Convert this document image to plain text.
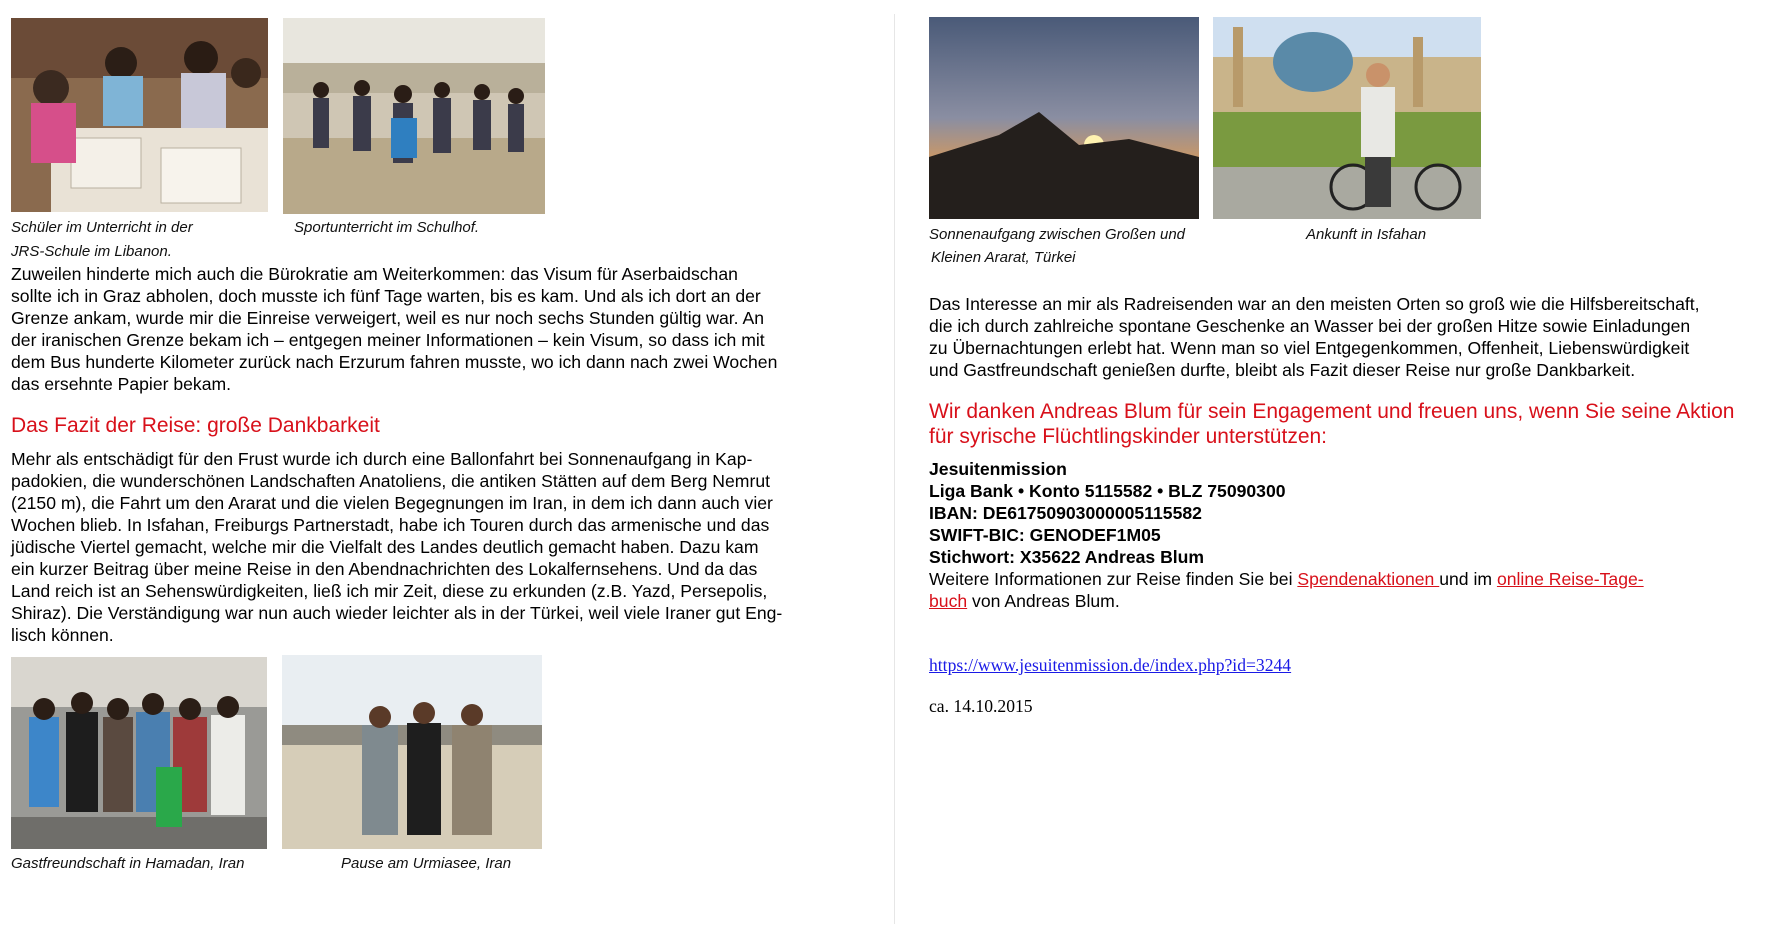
Schüler im Unterricht in der
JRS-Schule im Libanon.
Sportunterricht im Schulhof.

Zuweilen hinderte mich auch die Bürokratie am Weiterkommen: das Visum für Aserbaidschan

sollte ich in Graz abholen, doch musste ich fünf Tage warten, bis es kam. Und als ich dort an der

Grenze ankam, wurde mir die Einreise verweigert, weil es nur noch sechs Stunden gültig war. An

der iranischen Grenze bekam ich – entgegen meiner Informationen – kein Visum, so dass ich mit

dem Bus hunderte Kilometer zurück nach Erzurum fahren musste, wo ich dann nach zwei Wochen

das ersehnte Papier bekam.

Das Fazit der Reise: große Dankbarkeit

Mehr als entschädigt für den Frust wurde ich durch eine Ballonfahrt bei Sonnenaufgang in Kap-

padokien, die wunderschönen Landschaften Anatoliens, die antiken Stätten auf dem Berg Nemrut

(2150 m), die Fahrt um den Ararat und die vielen Begegnungen im Iran, in dem ich dann auch vier

Wochen blieb. In Isfahan, Freiburgs Partnerstadt, habe ich Touren durch das armenische und das

jüdische Viertel gemacht, welche mir die Vielfalt des Landes deutlich gemacht haben. Dazu kam

ein kurzer Beitrag über meine Reise in den Abendnachrichten des Lokalfernsehens. Und da das

Land reich ist an Sehenswürdigkeiten, ließ ich mir Zeit, diese zu erkunden (z.B. Yazd, Persepolis,

Shiraz). Die Verständigung war nun auch wieder leichter als in der Türkei, weil viele Iraner gut Eng-

lisch können.

Gastfreundschaft in Hamadan, Iran	Pause am Urmiasee, Iran
Sonnenaufgang zwischen Großen und
Kleinen Ararat, Türkei
Ankunft in Isfahan

Das Interesse an mir als Radreisenden war an den meisten Orten so groß wie die Hilfsbereitschaft,

die ich durch zahlreiche spontane Geschenke an Wasser bei der großen Hitze sowie Einladungen

zu Übernachtungen erlebt hat. Wenn man so viel Entgegenkommen, Offenheit, Liebenswürdigkeit

und Gastfreundschaft genießen durfte, bleibt als Fazit dieser Reise nur große Dankbarkeit.

Wir danken Andreas Blum für sein Engagement und freuen uns, wenn Sie seine Aktion
für syrische Flüchtlingskinder unterstützen:
Jesuitenmission
Liga Bank • Konto 5115582 • BLZ 75090300
IBAN: DE61750903000005115582
SWIFT-BIC: GENODEF1M05
Stichwort: X35622 Andreas Blum

Weitere Informationen zur Reise finden Sie bei Spendenaktionen und im online Reise-Tage-

buch von Andreas Blum.

https://www.jesuitenmission.de/index.php?id=3244
ca. 14.10.2015
